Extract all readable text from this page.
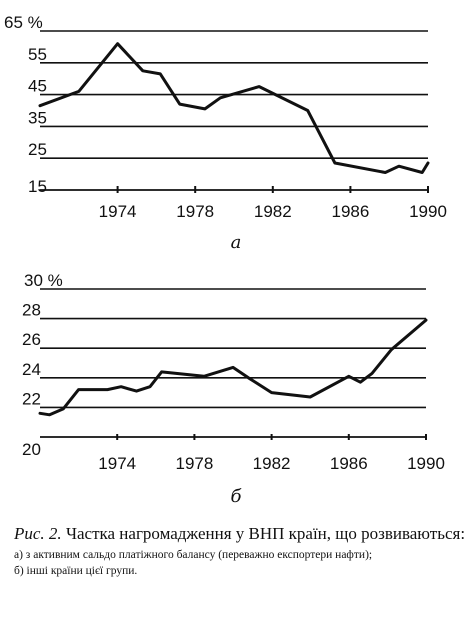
65 %
55
45
35
25
15
1974 1978 1982 1986 1990
а
30 %
28
26
24
22
20
1974 1978 1982 1986 1990
б

Рис. 2. Частка нагромадження у ВНП країн, що розвиваються:

а) з активним сальдо платіжного балансу (переважно експортери нафти);

б) інші країни цієї групи.
